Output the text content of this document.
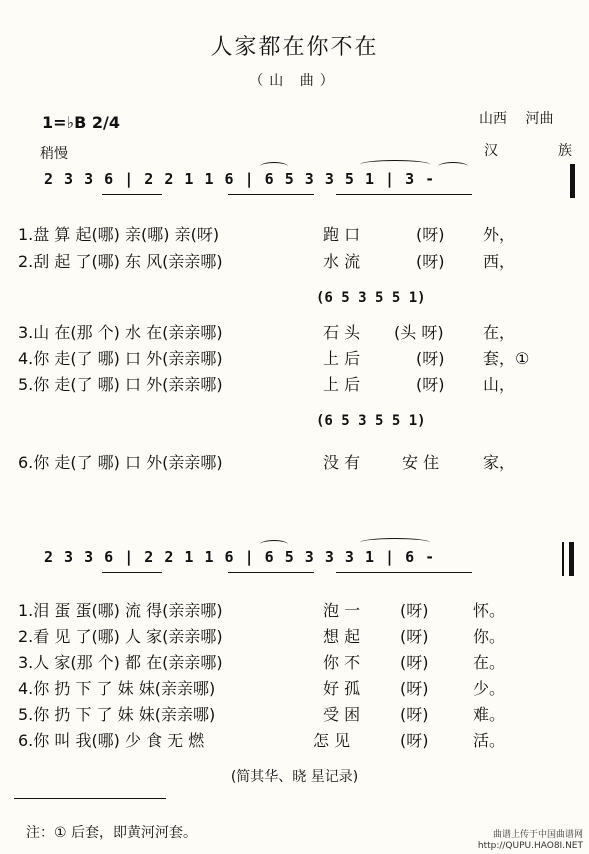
人家都在你不在
（山 曲）
1=♭B 2/4
稍慢
山西 河曲
汉	族
2 3 3 6 | 2 2 1 1 6 | 6 5 3 3 5 1 | 3 -
1.盘 算 起(哪) 亲(哪) 亲(呀)	跑 口	(呀) 外，
2.刮 起 了(哪) 东 风(亲亲哪)	水 流	(呀) 西，
(6 5 3 5 5 1)
3.山 在(那 个) 水 在(亲亲哪)	石 头 (头 呀) 在，
4.你 走(了 哪) 口 外(亲亲哪)	上 后	(呀) 套，①
5.你 走(了 哪) 口 外(亲亲哪)	上 后	(呀) 山，
(6 5 3 5 5 1)
6.你 走(了 哪) 口 外(亲亲哪)	没 有	安 住	家，
2 3 3 6 | 2 2 1 1 6 | 6 5 3 3 3 1 | 6 -
1.泪 蛋 蛋(哪) 流 得(亲亲哪)	泡 一 (呀)	怀。
2.看 见 了(哪) 人 家(亲亲哪)	想 起 (呀)	你。
3.人 家(那 个) 都 在(亲亲哪)	你 不 (呀)	在。
4.你 扔 下 了 妹 妹(亲亲哪)	好 孤 (呀)	少。
5.你 扔 下 了 妹 妹(亲亲哪)	受 困 (呀)	难。
6.你 叫 我(哪) 少 食 无 燃	怎 见	(呀)	活。
(简其华、晓 星记录)
注：① 后套，即黄河河套。	曲谱上传于中国曲谱网
http://QUPU.HAO8I.NET
